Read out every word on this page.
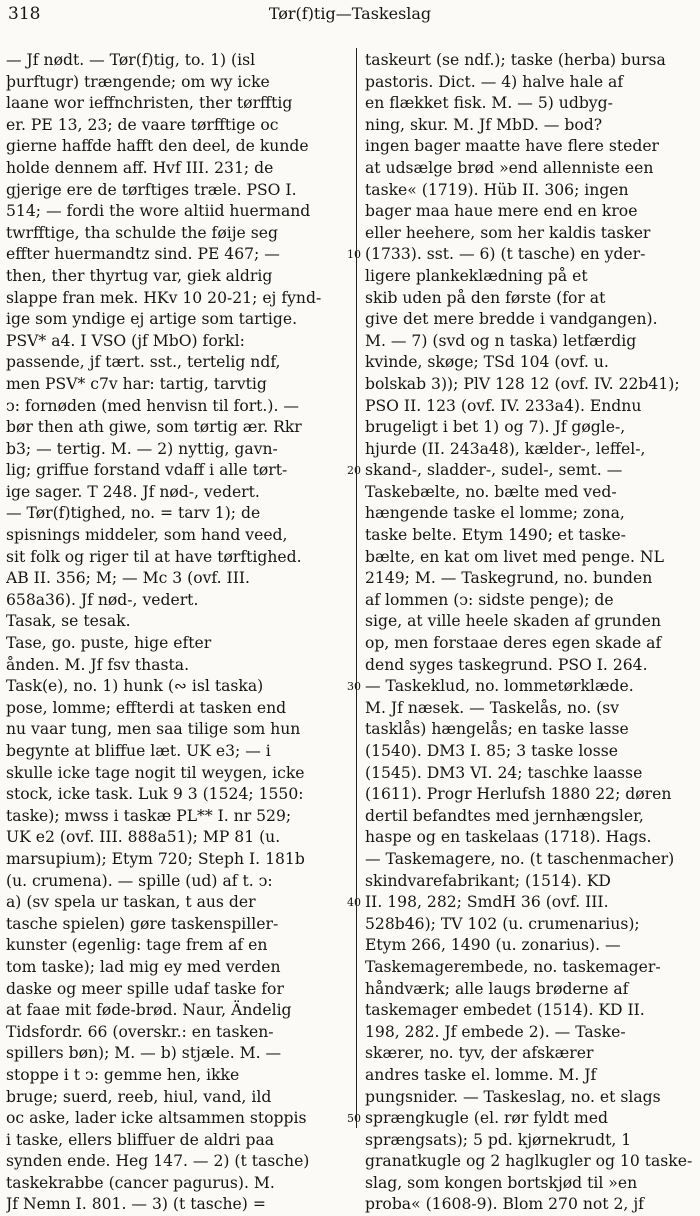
318	Tør(f)tig—Taskeslag
— Jf nødt. — Tør(f)tig, to. 1) (isl
þurftugr) trængende; om wy icke
laane wor ieffnchristen, ther tørfftig
er. PE 13, 23; de vaare tørfftige oc
gierne haffde hafft den deel, de kunde
holde dennem aff. Hvf III. 231; de
gjerige ere de tørftiges træle. PSO I.
514; — fordi the wore altiid huermand
twrfftige, tha schulde the føije seg
effter huermandtz sind. PE 467; —
then, ther thyrtug var, giek aldrig
slappe fran mek. HKv 10 20-21; ej fynd-
ige som yndige ej artige som tartige.
PSV* a4. I VSO (jf MbO) forkl:
passende, jf tært. sst., tertelig ndf,
men PSV* c7v har: tartig, tarvtig
ↄ: fornøden (med henvisn til fort.). —
bør then ath giwe, som tørtig ær. Rkr
b3; — tertig. M. — 2) nyttig, gavn-
lig; griffue forstand vdaff i alle tørt-
ige sager. T 248. Jf nød-, vedert.
— Tør(f)tighed, no. = tarv 1); de
spisnings middeler, som hand veed,
sit folk og riger til at have tørftighed.
AB II. 356; M; — Mc 3 (ovf. III.
658a36). Jf nød-, vedert.
Tasak, se tesak.
Tase, go. puste, hige efter
ånden. M. Jf fsv thasta.
Task(e), no. 1) hunk (∾ isl taska)
pose, lomme; effterdi at tasken end
nu vaar tung, men saa tilige som hun
begynte at bliffue læt. UK e3; — i
skulle icke tage nogit til weygen, icke
stock, icke task. Luk 9 3 (1524; 1550:
taske); mwss i taskæ PL** I. nr 529;
UK e2 (ovf. III. 888a51); MP 81 (u.
marsupium); Etym 720; Steph I. 181b
(u. crumena). — spille (ud) af t. ↄ:
a) (sv spela ur taskan, t aus der
tasche spielen) gøre taskenspiller-
kunster (egenlig: tage frem af en
tom taske); lad mig ey med verden
daske og meer spille udaf taske for
at faae mit føde-brød. Naur, Ändelig
Tidsfordr. 66 (overskr.: en tasken-
spillers bøn); M. — b) stjæle. M. —
stoppe i t ↄ: gemme hen, ikke
bruge; suerd, reeb, hiul, vand, ild
oc aske, lader icke altsammen stoppis
i taske, ellers bliffuer de aldri paa
synden ende. Heg 147. — 2) (t tasche)
taskekrabbe (cancer pagurus). M.
Jf Nemn I. 801. — 3) (t tasche) =
10
20
30
40
50
taskeurt (se ndf.); taske (herba) bursa
pastoris. Dict. — 4) halve hale af
en flækket fisk. M. — 5) udbyg-
ning, skur. M. Jf MbD. — bod?
ingen bager maatte have flere steder
at udsælge brød »end allenniste een
taske« (1719). Hüb II. 306; ingen
bager maa haue mere end en kroe
eller heehere, som her kaldis tasker
(1733). sst. — 6) (t tasche) en yder-
ligere plankeklædning på et
skib uden på den første (for at
give det mere bredde i vandgangen).
M. — 7) (svd og n taska) letfærdig
kvinde, skøge; TSd 104 (ovf. u.
bolskab 3)); PlV 128 12 (ovf. IV. 22b41);
PSO II. 123 (ovf. IV. 233a4). Endnu
brugeligt i bet 1) og 7). Jf gøgle-,
hjurde (II. 243a48), kælder-, leffel-,
skand-, sladder-, sudel-, semt. —
Taskebælte, no. bælte med ved-
hængende taske el lomme; zona,
taske belte. Etym 1490; et taske-
bælte, en kat om livet med penge. NL
2149; M. — Taskegrund, no. bunden
af lommen (ↄ: sidste penge); de
sige, at ville heele skaden af grunden
op, men forstaae deres egen skade af
dend syges taskegrund. PSO I. 264.
— Taskeklud, no. lommetørklæde.
M. Jf næsek. — Taskelås, no. (sv
tasklås) hængelås; en taske lasse
(1540). DM3 I. 85; 3 taske losse
(1545). DM3 VI. 24; taschke laasse
(1611). Progr Herlufsh 1880 22; døren
dertil befandtes med jernhængsler,
haspe og en taskelaas (1718). Hags.
— Taskemagere, no. (t taschenmacher)
skindvarefabrikant; (1514). KD
II. 198, 282; SmdH 36 (ovf. III.
528b46); TV 102 (u. crumenarius);
Etym 266, 1490 (u. zonarius). —
Taskemagerembede, no. taskemager-
håndværk; alle laugs brøderne af
taskemager embedet (1514). KD II.
198, 282. Jf embede 2). — Taske-
skærer, no. tyv, der afskærer
andres taske el. lomme. M. Jf
pungsnider. — Taskeslag, no. et slags
sprængkugle (el. rør fyldt med
sprængsats); 5 pd. kjørnekrudt, 1
granatkugle og 2 haglkugler og 10 taske-
slag, som kongen bortskjød til »en
proba« (1608-9). Blom 270 not 2, jf
